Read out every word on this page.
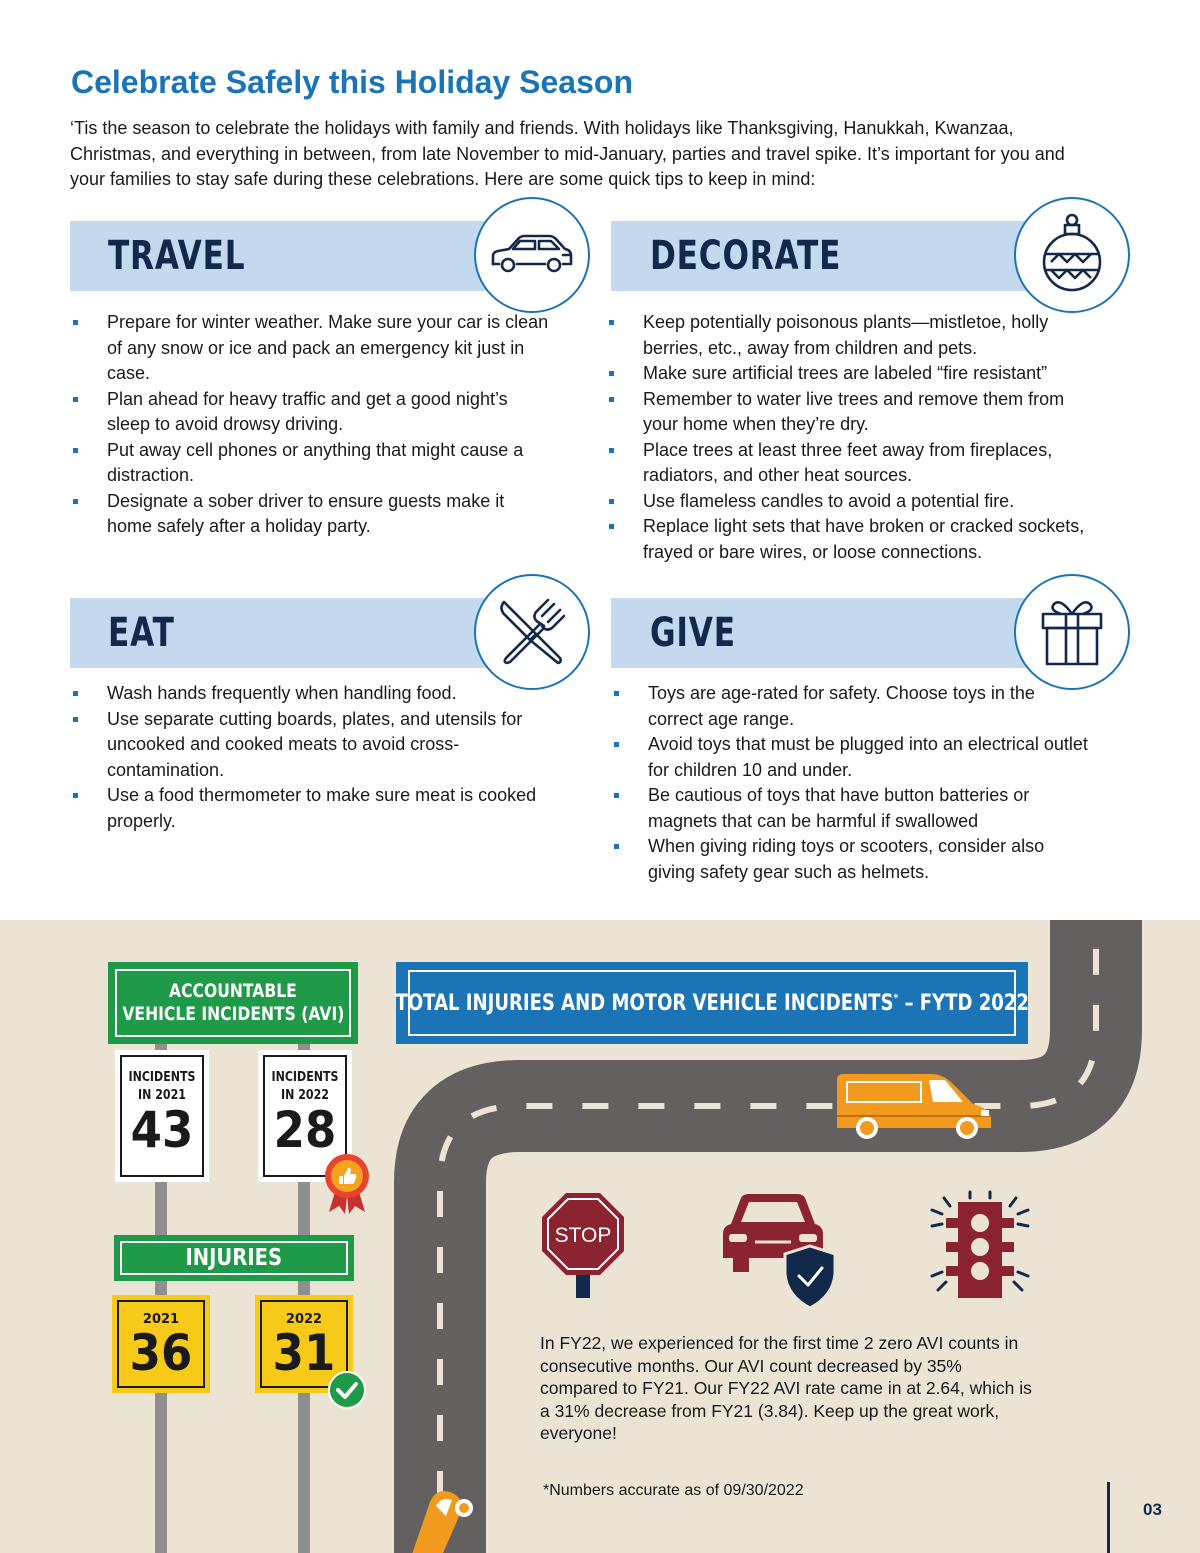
Celebrate Safely this Holiday Season

‘Tis the season to celebrate the holidays with family and friends. With holidays like Thanksgiving, Hanukkah, Kwanzaa, Christmas, and everything in between, from late November to mid-January, parties and travel spike. It’s important for you and your families to stay safe during these celebrations. Here are some quick tips to keep in mind:

TRAVEL
Prepare for winter weather. Make sure your car is clean of any snow or ice and pack an emergency kit just in case.
Plan ahead for heavy traffic and get a good night’s sleep to avoid drowsy driving.
Put away cell phones or anything that might cause a distraction.
Designate a sober driver to ensure guests make it home safely after a holiday party.
DECORATE
Keep potentially poisonous plants—mistletoe, holly berries, etc., away from children and pets.
Make sure artificial trees are labeled “fire resistant”
Remember to water live trees and remove them from your home when they’re dry.
Place trees at least three feet away from fireplaces, radiators, and other heat sources.
Use flameless candles to avoid a potential fire.
Replace light sets that have broken or cracked sockets, frayed or bare wires, or loose connections.
EAT
Wash hands frequently when handling food.
Use separate cutting boards, plates, and utensils for uncooked and cooked meats to avoid cross-contamination.
Use a food thermometer to make sure meat is cooked properly.
GIVE
Toys are age-rated for safety. Choose toys in the correct age range.
Avoid toys that must be plugged into an electrical outlet for children 10 and under.
Be cautious of toys that have button batteries or magnets that can be harmful if swallowed
When giving riding toys or scooters, consider also giving safety gear such as helmets.
ACCOUNTABLE
VEHICLE INCIDENTS (AVI)
INCIDENTS
IN 2021
43
INCIDENTS
IN 2022
28
INJURIES
2021
36
2022
31
TOTAL INJURIES AND MOTOR VEHICLE INCIDENTS* – FYTD 2022
STOP

In FY22, we experienced for the first time 2 zero AVI counts in consecutive months. Our AVI count decreased by 35% compared to FY21. Our FY22 AVI rate came in at 2.64, which is a 31% decrease from FY21 (3.84). Keep up the great work, everyone!

*Numbers accurate as of 09/30/2022
03
